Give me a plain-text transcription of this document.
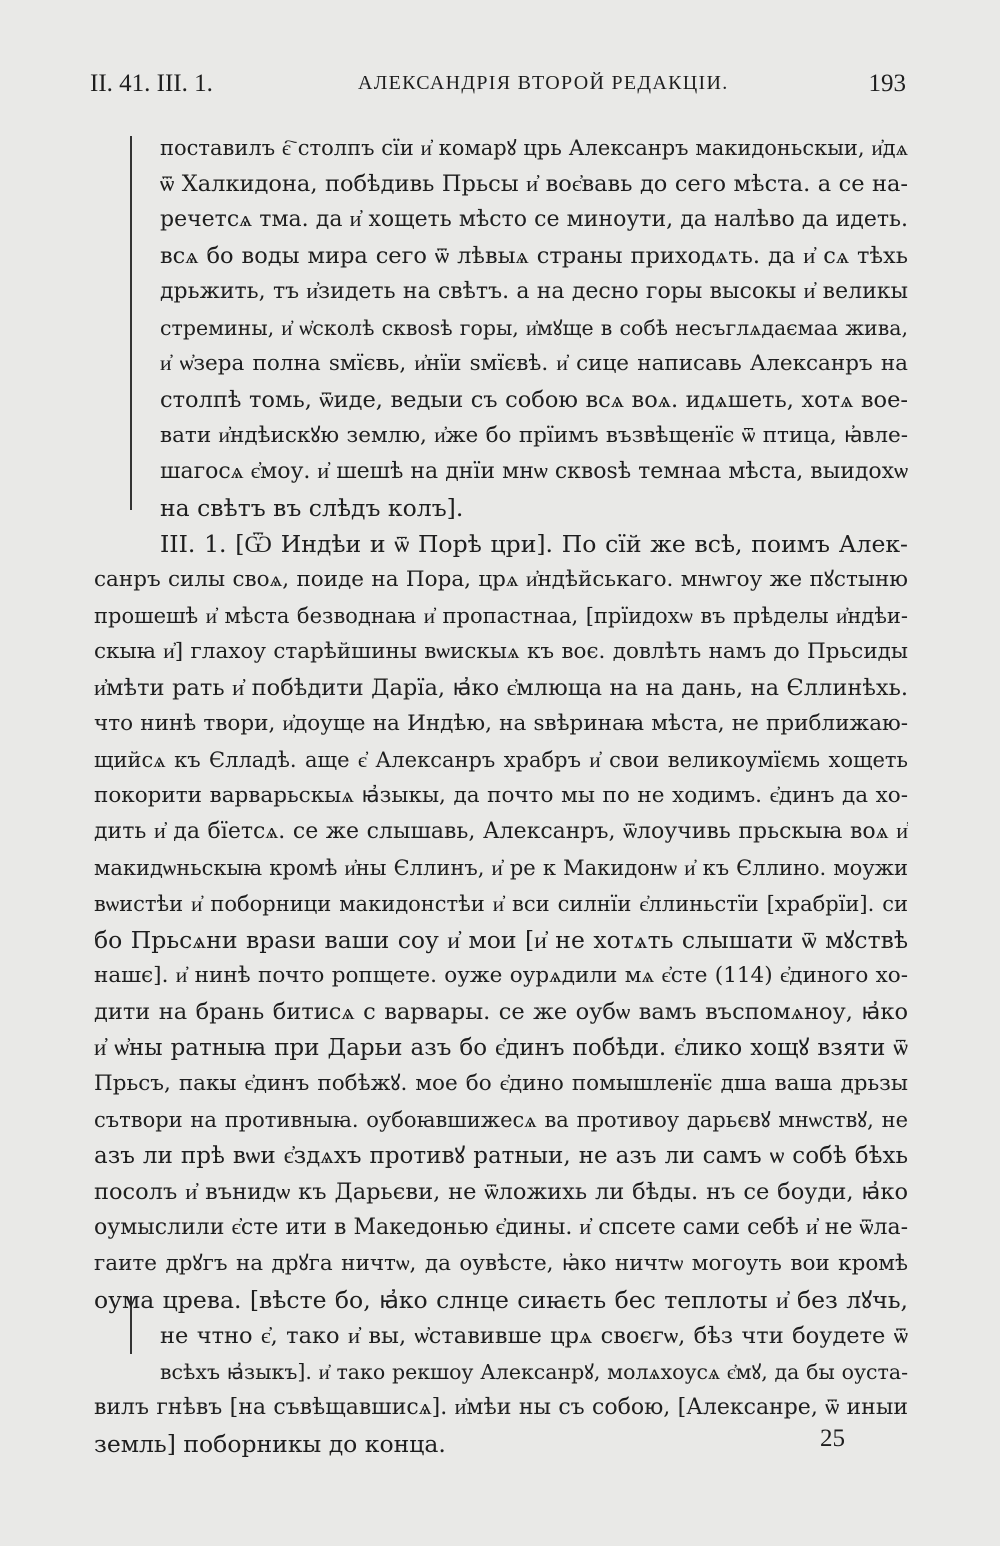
II. 41. III. 1.	АЛЕКСАНДРІЯ ВТОРОЙ РЕДАКЦІИ.	193
поставилъ є҇ столпъ сїи и҆ комарꙋ црь Алексанръ макидоньскыи, и҆дѧ
ѿ Халкидона, побѣдивь Прьсы и҆ воє҆вавь до сего мѣста. а се на-
речетсѧ тма. да и҆ хощеть мѣсто се миноути, да налѣво да идеть.
всѧ бо воды мира сего ѿ лѣвыѧ страны приходѧть. да и҆ сѧ тѣхь
дрьжить, тъ и҆зидеть на свѣтъ. а на десно горы высокы и҆ великы
стремины, и҆ ѡ҆сколѣ сквоѕѣ горы, и҆мꙋще в собѣ несъглѧдаємаа жива,
и҆ ѡ҆зера полна ѕмїєвь, и҆нїи ѕмїєвѣ. и҆ сице написавь Алексанръ на
столпѣ томь, ѿиде, ведыи съ собою всѧ воѧ. идѧшеть, хотѧ вое-
вати и҆ндѣискꙋю землю, и҆же бо прїимъ възвѣщенїє ѿ птица, ꙗ҆вле-
шагосѧ є҆моу. и҆ шешѣ на днїи мнѡ сквоѕѣ темнаа мѣста, выидохѡ
на свѣтъ въ слѣдъ колъ].
III. 1. [Ѿ Индѣи и ѿ Порѣ цри]. По сїй же всѣ, поимъ Алек-
санръ силы своѧ, поиде на Пора, црѧ и҆ндѣйськаго. мнѡгоу же пꙋстыню
прошешѣ и҆ мѣста безводнаꙗ и҆ пропастнаа, [прїидохѡ въ прѣделы и҆ндѣи-
скыꙗ и҆] глахоу старѣйшины вѡискыѧ къ воє. довлѣть намъ до Прьсиды
и҆мѣти рать и҆ побѣдити Дарїа, ꙗ҆ко є҆млюща на на дань, на Єллинѣхь.
что нинѣ твори, и҆доуще на Индѣю, на ѕвѣринаꙗ мѣста, не приближаю-
щийсѧ къ Єлладѣ. аще є҆ Алексанръ храбръ и҆ свои великоумїємь хощеть
покорити варварьскыѧ ꙗ҆зыкы, да почто мы по не ходимъ. є҆динъ да хо-
дить и҆ да бїетсѧ. се же слышавь, Алексанръ, ѿлоучивь прьскыꙗ воѧ и҆
макидѡньскыꙗ кромѣ и҆ны Єллинъ, и҆ ре к Макидонѡ и҆ къ Єллино. моужи
вѡистѣи и҆ поборници макидонстѣи и҆ вси силнїи є҆ллиньстїи [храбрїи]. си
бо Прьсѧни враѕи ваши соу и҆ мои [и҆ не хотѧть слышати ѿ мꙋствѣ
нашє]. и҆ нинѣ почто ропщете. оуже оурѧдили мѧ є҆сте (114) є҆диного хо-
дити на брань битисѧ с варвары. се же оубѡ вамъ въспомѧноу, ꙗ҆ко
и҆ ѡ҆ны ратныꙗ при Дарьи азъ бо є҆динъ побѣди. є҆лико хощꙋ взяти ѿ
Прьсъ, пакы є҆динъ побѣжꙋ. мое бо є҆дино помышленїє дша ваша дрьзы
сътвори на противныꙗ. оубоꙗвшижесѧ ва противоу дарьєвꙋ мнѡствꙋ, не
азъ ли прѣ вѡи є҆здѧхъ противꙋ ратныи, не азъ ли самъ ѡ собѣ бѣхь
посолъ и҆ вънидѡ къ Дарьєви, не ѿложихь ли бѣды. нъ се боуди, ꙗ҆ко
оумыслили є҆сте ити в Македонью є҆дины. и҆ спсете сами себѣ и҆ не ѿла-
гаите дрꙋгъ на дрꙋга ничтѡ, да оувѣсте, ꙗ҆ко ничтѡ могоуть вои кромѣ
оума црева. [вѣсте бо, ꙗ҆ко слнце сиꙗєть бес теплоты и҆ без лꙋчь,
не чтно є҆, тако и҆ вы, ѡ҆ставивше црѧ своєгѡ, бѣз чти боудете ѿ
всѣхъ ꙗ҆зыкъ]. и҆ тако рекшоу Алексанрꙋ, молѧхоусѧ є҆мꙋ, да бы оуста-
вилъ гнѣвъ [на съвѣщавшисѧ]. и҆мѣи ны съ собою, [Алексанре, ѿ иныи
земль] поборникы до конца.	25
